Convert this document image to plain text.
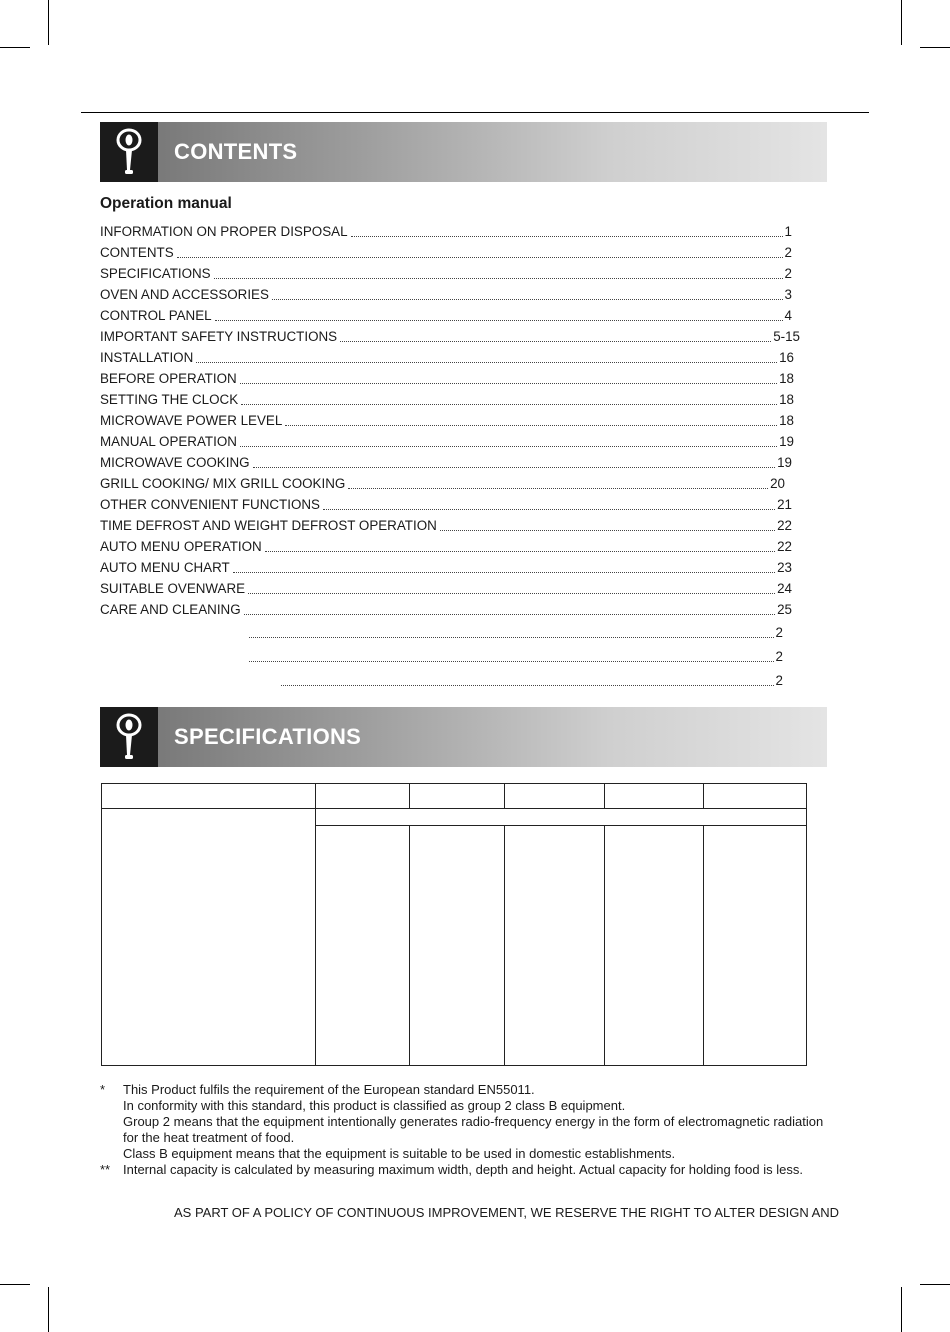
CONTENTS
Operation manual
INFORMATION ON PROPER DISPOSAL	1
CONTENTS	2
SPECIFICATIONS	2
OVEN AND ACCESSORIES	3
CONTROL PANEL	4
IMPORTANT SAFETY INSTRUCTIONS	5-15
INSTALLATION	16
BEFORE OPERATION	18
SETTING THE CLOCK	18
MICROWAVE POWER LEVEL	18
MANUAL OPERATION	19
MICROWAVE COOKING	19
GRILL COOKING/ MIX GRILL COOKING	20
OTHER CONVENIENT FUNCTIONS	21
TIME DEFROST AND WEIGHT DEFROST OPERATION	22
AUTO MENU OPERATION	22
AUTO MENU CHART	23
SUITABLE OVENWARE	24
CARE AND CLEANING	25
2
2
2
SPECIFICATIONS

* This Product fulfils the requirement of the European standard EN55011.
In conformity with this standard, this product is classified as group 2 class B equipment.
Group 2 means that the equipment intentionally generates radio-frequency energy in the form of electromagnetic radiation for the heat treatment of food.
Class B equipment means that the equipment is suitable to be used in domestic establishments.
** Internal capacity is calculated by measuring maximum width, depth and height. Actual capacity for holding food is less.
AS PART OF A POLICY OF CONTINUOUS IMPROVEMENT, WE RESERVE THE RIGHT TO ALTER DESIGN AND
